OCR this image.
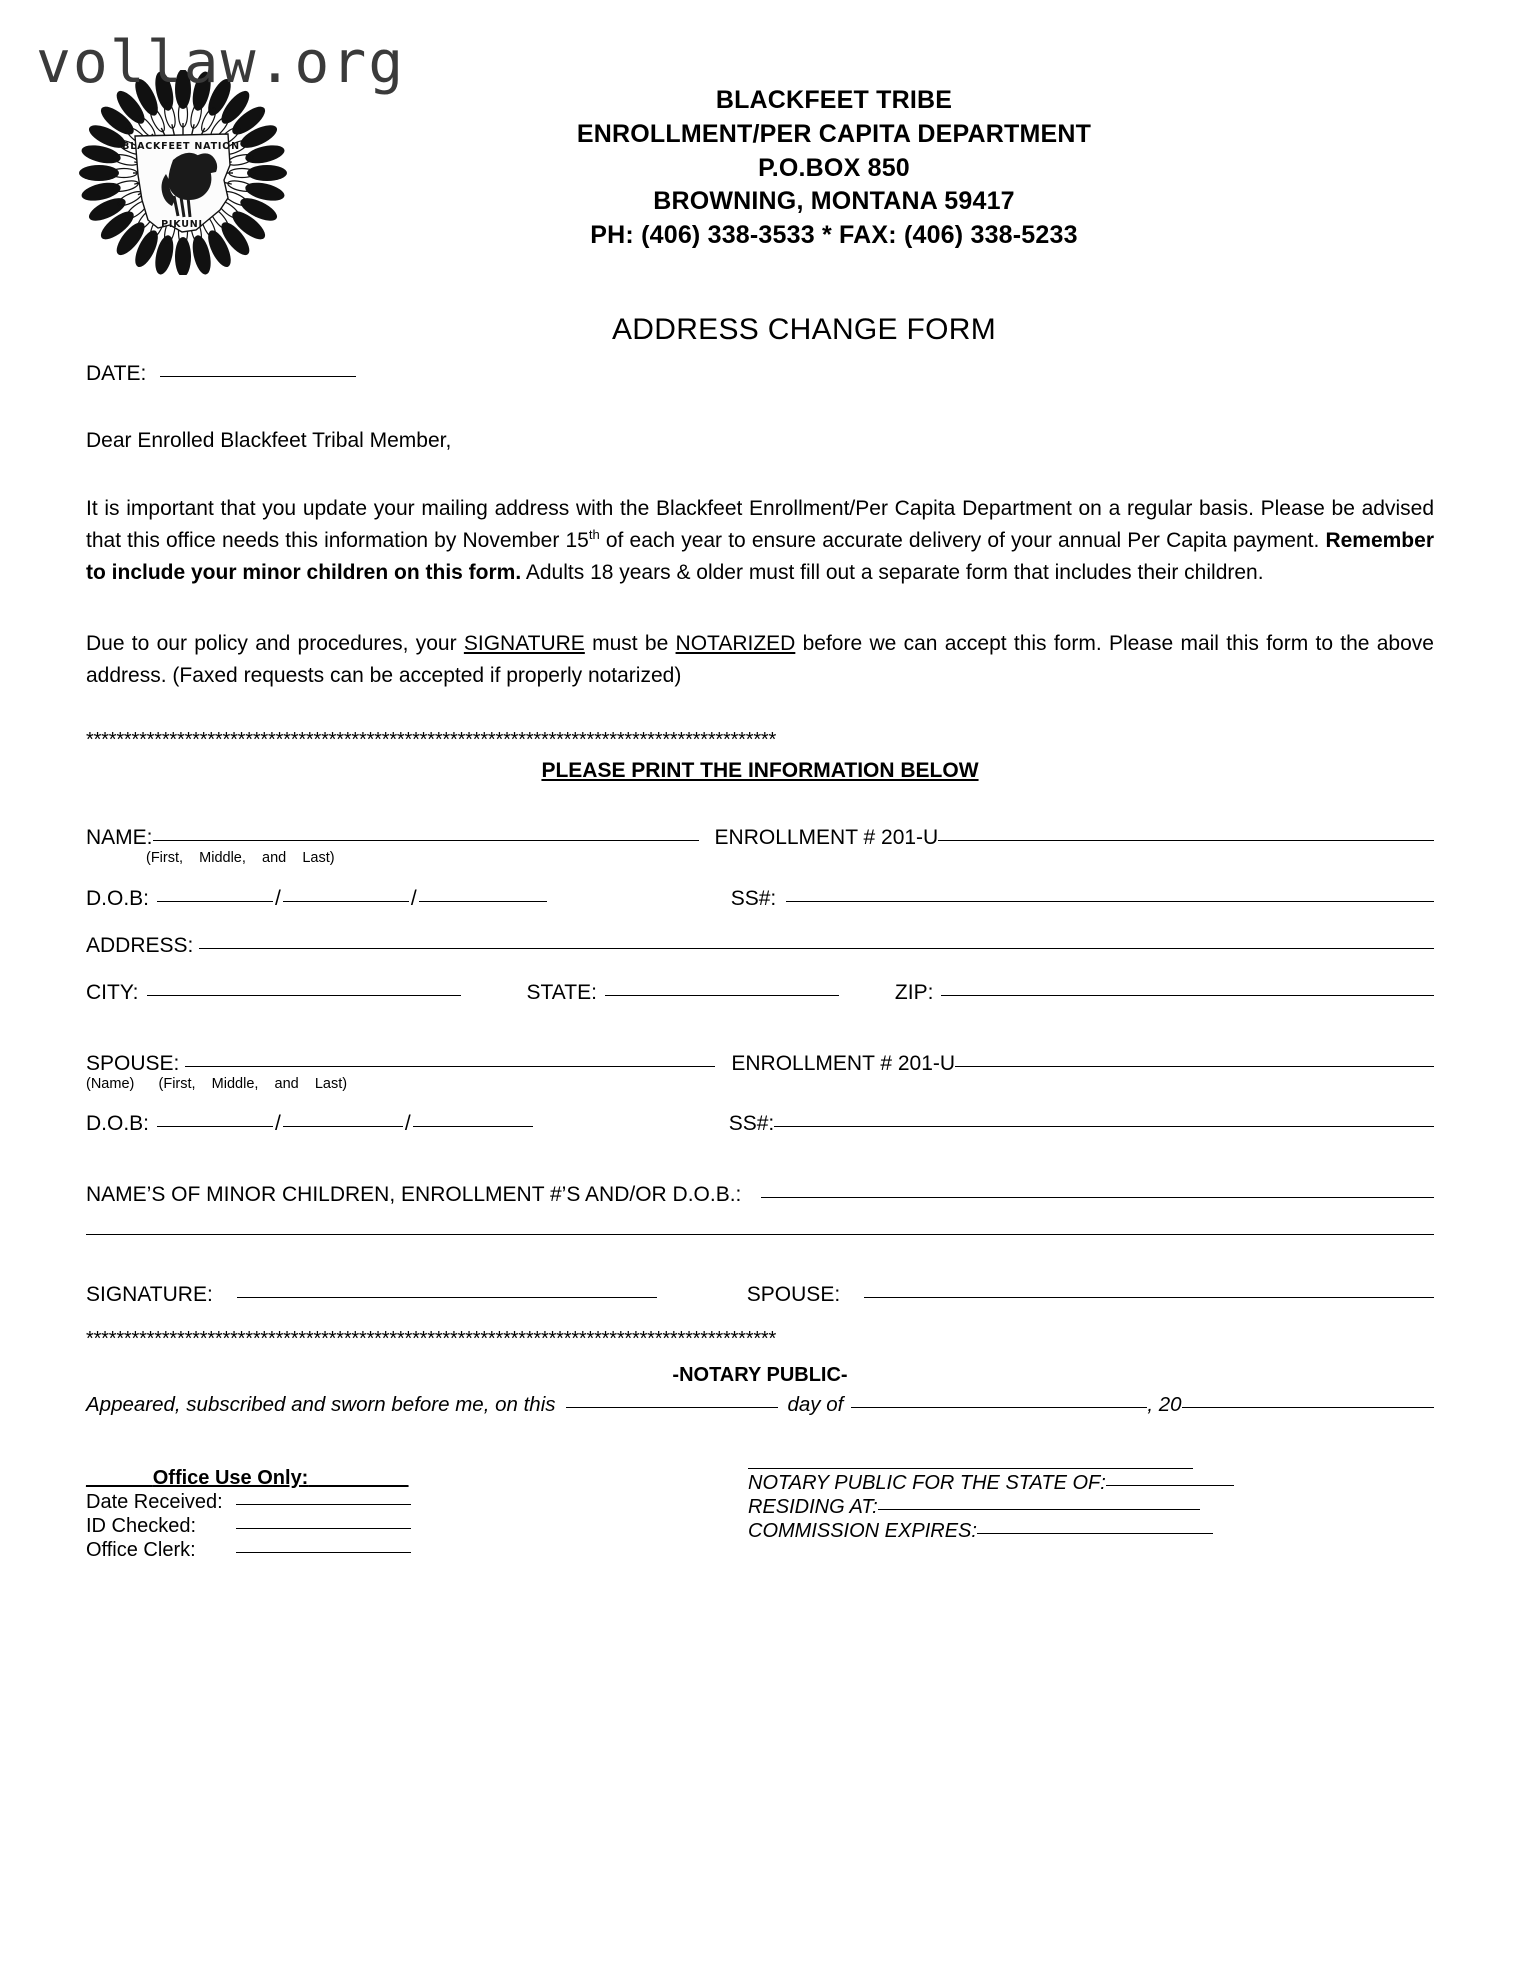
vollaw.org
BLACKFEET NATION
PIKUNI
BLACKFEET TRIBE
ENROLLMENT/PER CAPITA DEPARTMENT
P.O.BOX 850
BROWNING, MONTANA 59417
PH: (406) 338-3533 * FAX: (406) 338-5233
ADDRESS CHANGE FORM
DATE:
Dear Enrolled Blackfeet Tribal Member,

It is important that you update your mailing address with the Blackfeet Enrollment/Per Capita Department on a regular basis. Please be advised that this office needs this information by November 15th of each year to ensure accurate delivery of your annual Per Capita payment. Remember to include your minor children on this form. Adults 18 years & older must fill out a separate form that includes their children.

Due to our policy and procedures, your SIGNATURE must be NOTARIZED before we can accept this form. Please mail this form to the above address. (Faxed requests can be accepted if properly notarized)

*******************************************************************************************
PLEASE PRINT THE INFORMATION BELOW
NAME:	ENROLLMENT # 201-U
(First,    Middle,    and    Last)
D.O.B:	/	/	SS#:
ADDRESS:
CITY:	STATE:	ZIP:
SPOUSE:	ENROLLMENT # 201-U
(Name) (First,    Middle,    and    Last)
D.O.B:	/	/	SS#:
NAME’S OF MINOR CHILDREN, ENROLLMENT #’S AND/OR D.O.B.:
SIGNATURE:	SPOUSE:
*******************************************************************************************
-NOTARY PUBLIC-
Appeared, subscribed and sworn before me, on this	day of	, 20
______Office Use Only:_________
Date Received:
ID Checked:
Office Clerk:
NOTARY PUBLIC FOR THE STATE OF:
RESIDING AT:
COMMISSION EXPIRES:
